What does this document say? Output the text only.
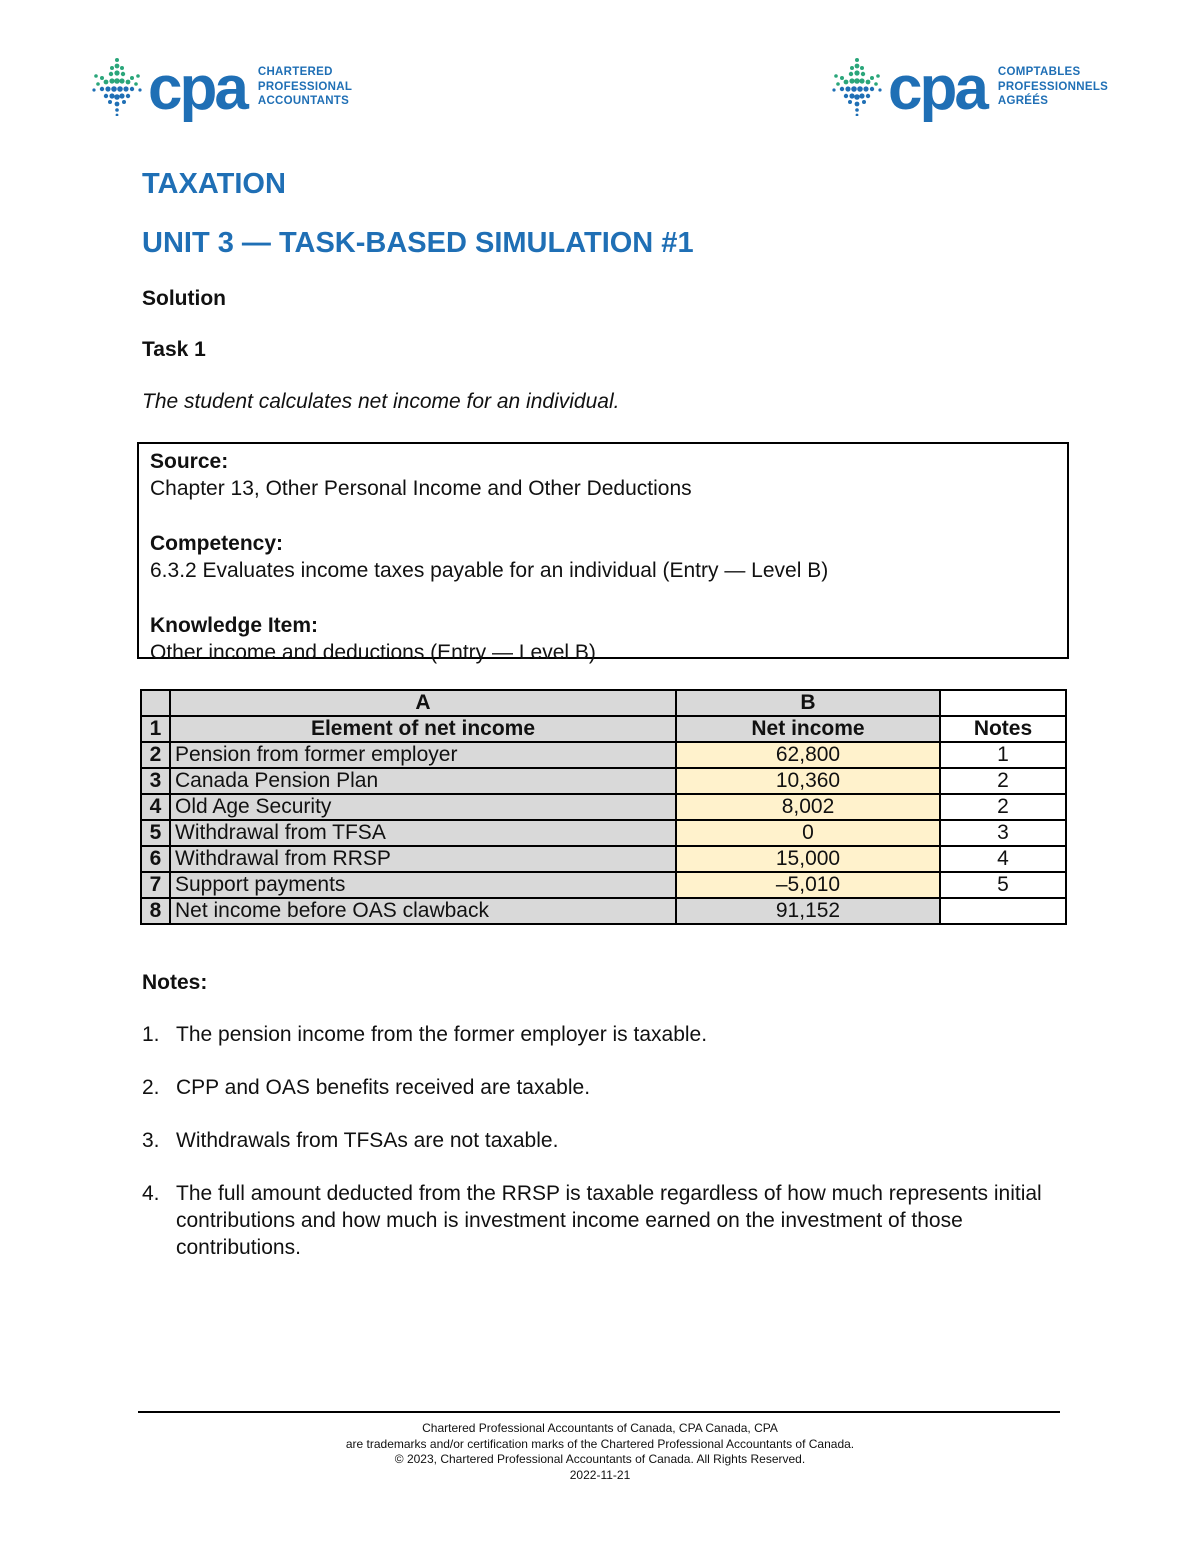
cpa CHARTERED
PROFESSIONAL
ACCOUNTANTS	cpa COMPTABLES
PROFESSIONNELS
AGRÉÉS
TAXATION
UNIT 3 — TASK-BASED SIMULATION #1

Solution

Task 1

The student calculates net income for an individual.

Source:
Chapter 13, Other Personal Income and Other Deductions
Competency:
6.3.2 Evaluates income taxes payable for an individual (Entry — Level B)
Knowledge Item:
Other income and deductions (Entry — Level B)
	A	B	
1	Element of net income	Net income	Notes
2	Pension from former employer	62,800	1
3	Canada Pension Plan	10,360	2
4	Old Age Security	8,002	2
5	Withdrawal from TFSA	0	3
6	Withdrawal from RRSP	15,000	4
7	Support payments	–5,010	5
8	Net income before OAS clawback	91,152	

Notes:

1. The pension income from the former employer is taxable.
2. CPP and OAS benefits received are taxable.
3. Withdrawals from TFSAs are not taxable.
4. The full amount deducted from the RRSP is taxable regardless of how much represents initial contributions and how much is investment income earned on the investment of those contributions.
Chartered Professional Accountants of Canada, CPA Canada, CPA
are trademarks and/or certification marks of the Chartered Professional Accountants of Canada.
© 2023, Chartered Professional Accountants of Canada. All Rights Reserved.
2022-11-21
